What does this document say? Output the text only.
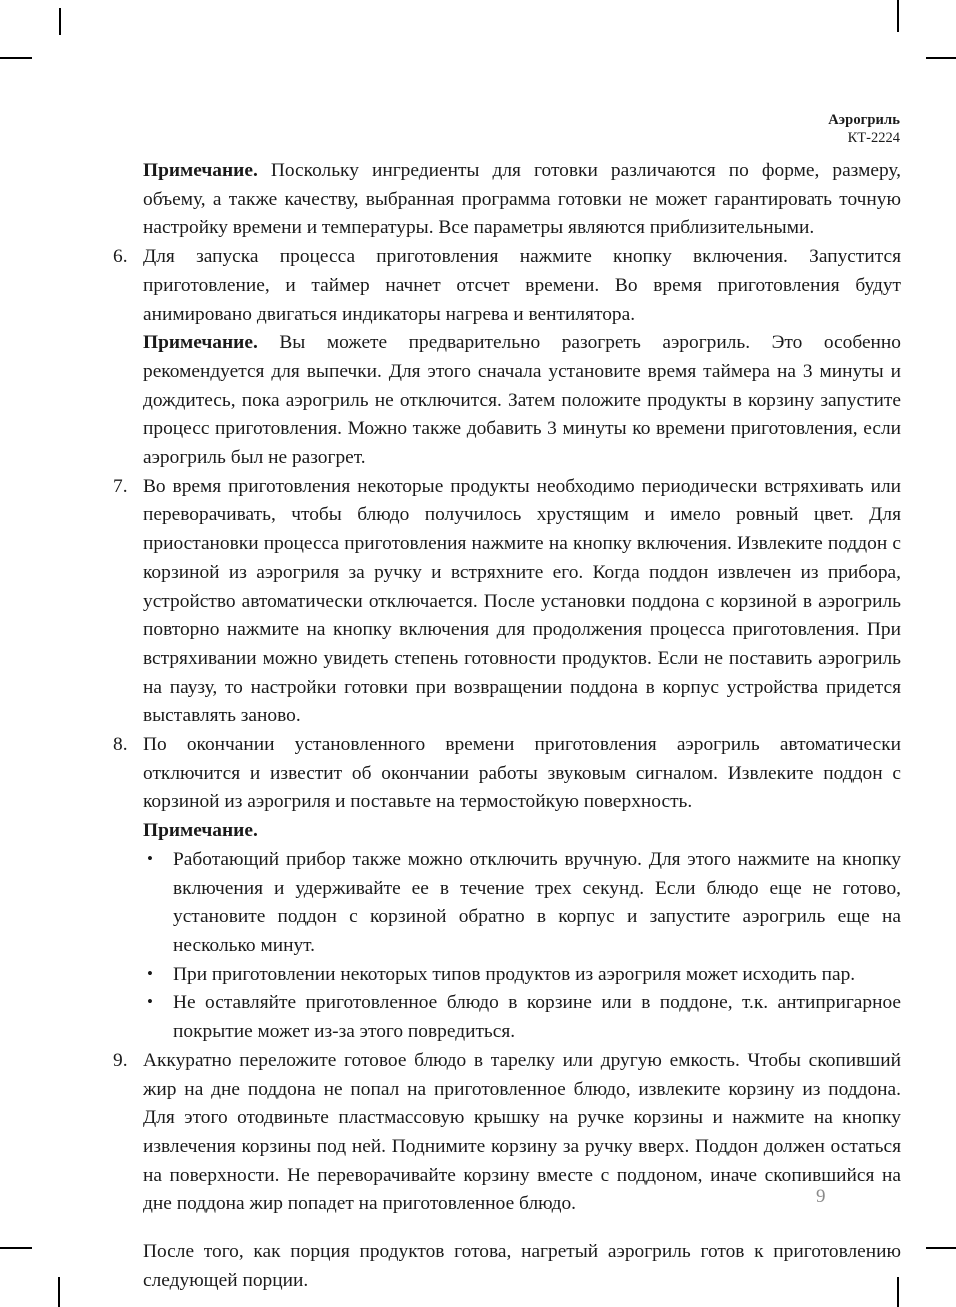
Аэрогриль
КТ-2224

Примечание. Поскольку ингредиенты для готовки различаются по форме, размеру, объему, а также качеству, выбранная программа готовки не может гарантировать точную настройку времени и температуры. Все параметры являются приблизительными.

6. Для запуска процесса приготовления нажмите кнопку включения. Запустится приготовление, и таймер начнет отсчет времени. Во время приготовления будут анимировано двигаться индикаторы нагрева и вентилятора.
Примечание. Вы можете предварительно разогреть аэрогриль. Это особенно рекомендуется для выпечки. Для этого сначала установите время таймера на 3 минуты и дождитесь, пока аэрогриль не отключится. Затем положите продукты в корзину запустите процесс приготовления. Можно также добавить 3 минуты ко времени приготовления, если аэрогриль был не разогрет.
7. Во время приготовления некоторые продукты необходимо периодически встряхивать или переворачивать, чтобы блюдо получилось хрустящим и имело ровный цвет. Для приостановки процесса приготовления нажмите на кнопку включения. Извлеките поддон с корзиной из аэрогриля за ручку и встряхните его. Когда поддон извлечен из прибора, устройство автоматически отключается. После установки поддона с корзиной в аэрогриль повторно нажмите на кнопку включения для продолжения процесса приготовления. При встряхивании можно увидеть степень готовности продуктов. Если не поставить аэрогриль на паузу, то настройки готовки при возвращении поддона в корпус устройства придется выставлять заново.
8. По окончании установленного времени приготовления аэрогриль автоматически отключится и известит об окончании работы звуковым сигналом. Извлеките поддон с корзиной из аэрогриля и поставьте на термостойкую поверхность.
Примечание.
• Работающий прибор также можно отключить вручную. Для этого нажмите на кнопку включения и удерживайте ее в течение трех секунд. Если блюдо еще не готово, установите поддон с корзиной обратно в корпус и запустите аэрогриль еще на несколько минут.
• При приготовлении некоторых типов продуктов из аэрогриля может исходить пар.
• Не оставляйте приготовленное блюдо в корзине или в поддоне, т.к. антипригарное покрытие может из-за этого повредиться.
9. Аккуратно переложите готовое блюдо в тарелку или другую емкость. Чтобы скопивший жир на дне поддона не попал на приготовленное блюдо, извлеките корзину из поддона. Для этого отодвиньте пластмассовую крышку на ручке корзины и нажмите на кнопку извлечения корзины под ней. Поднимите корзину за ручку вверх. Поддон должен остаться на поверхности. Не переворачивайте корзину вместе с поддоном, иначе скопившийся на дне поддона жир попадет на приготовленное блюдо.

После того, как порция продуктов готова, нагретый аэрогриль готов к приготовлению следующей порции.

9
